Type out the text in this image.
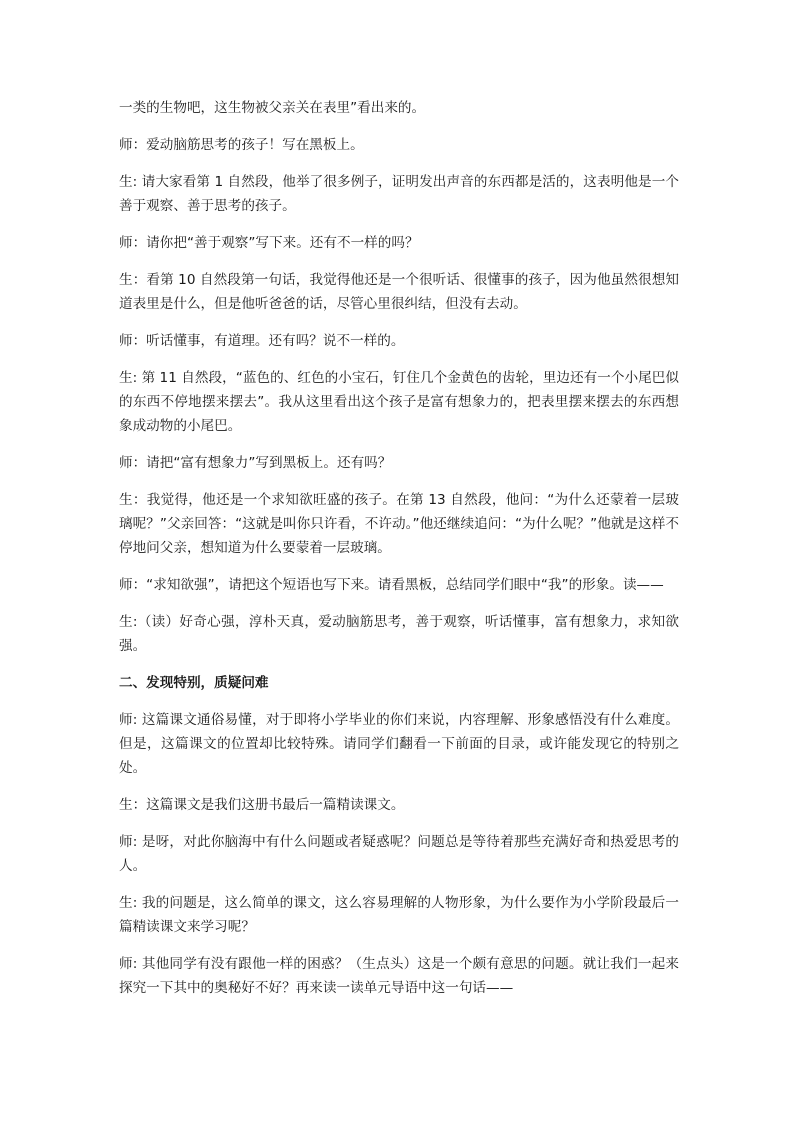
一类的生物吧，这生物被父亲关在表里”看出来的。

师：爱动脑筋思考的孩子！写在黑板上。

生: 请大家看第 1 自然段，他举了很多例子，证明发出声音的东西都是活的，这表明他是一个善于观察、善于思考的孩子。

师：请你把“善于观察”写下来。还有不一样的吗？

生：看第 10 自然段第一句话，我觉得他还是一个很听话、很懂事的孩子，因为他虽然很想知道表里是什么，但是他听爸爸的话，尽管心里很纠结，但没有去动。

师：听话懂事，有道理。还有吗？说不一样的。

生: 第 11 自然段，“蓝色的、红色的小宝石，钉住几个金黄色的齿轮，里边还有一个小尾巴似的东西不停地摆来摆去”。我从这里看出这个孩子是富有想象力的，把表里摆来摆去的东西想象成动物的小尾巴。

师：请把“富有想象力”写到黑板上。还有吗？

生：我觉得，他还是一个求知欲旺盛的孩子。在第 13 自然段，他问：“为什么还蒙着一层玻璃呢？”父亲回答：“这就是叫你只许看，不许动。”他还继续追问：“为什么呢？”他就是这样不停地问父亲，想知道为什么要蒙着一层玻璃。

师：“求知欲强”，请把这个短语也写下来。请看黑板，总结同学们眼中“我”的形象。读——

生:（读）好奇心强，淳朴天真，爱动脑筋思考，善于观察，听话懂事，富有想象力，求知欲强。

二、发现特别，质疑问难

师: 这篇课文通俗易懂，对于即将小学毕业的你们来说，内容理解、形象感悟没有什么难度。但是，这篇课文的位置却比较特殊。请同学们翻看一下前面的目录，或许能发现它的特别之处。

生：这篇课文是我们这册书最后一篇精读课文。

师: 是呀，对此你脑海中有什么问题或者疑惑呢？问题总是等待着那些充满好奇和热爱思考的人。

生: 我的问题是，这么简单的课文，这么容易理解的人物形象，为什么要作为小学阶段最后一篇精读课文来学习呢？

师: 其他同学有没有跟他一样的困惑？（生点头）这是一个颇有意思的问题。就让我们一起来探究一下其中的奥秘好不好？再来读一读单元导语中这一句话——
